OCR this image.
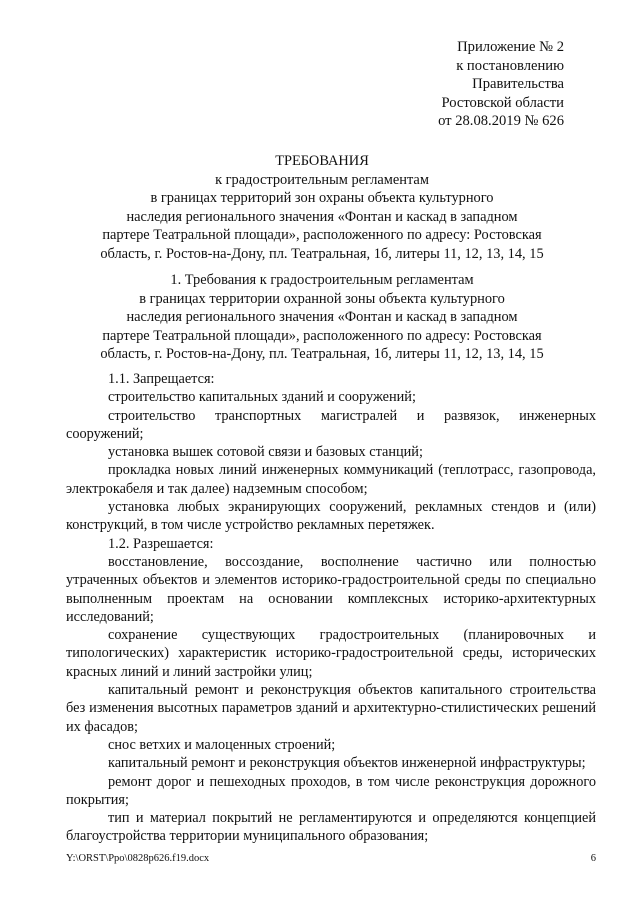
Приложение № 2
к постановлению
Правительства
Ростовской области
от 28.08.2019 № 626
ТРЕБОВАНИЯ
к градостроительным регламентам
в границах территорий зон охраны объекта культурного
наследия регионального значения «Фонтан и каскад в западном
партере Театральной площади», расположенного по адресу: Ростовская
область, г. Ростов-на-Дону, пл. Театральная, 1б, литеры 11, 12, 13, 14, 15
1. Требования к градостроительным регламентам
в границах территории охранной зоны объекта культурного
наследия регионального значения «Фонтан и каскад в западном
партере Театральной площади», расположенного по адресу: Ростовская
область, г. Ростов-на-Дону, пл. Театральная, 1б, литеры 11, 12, 13, 14, 15

1.1. Запрещается:

строительство капитальных зданий и сооружений;

строительство транспортных магистралей и развязок, инженерных сооружений;

установка вышек сотовой связи и базовых станций;

прокладка новых линий инженерных коммуникаций (теплотрасс, газопровода, электрокабеля и так далее) надземным способом;

установка любых экранирующих сооружений, рекламных стендов и (или) конструкций, в том числе устройство рекламных перетяжек.

1.2. Разрешается:

восстановление, воссоздание, восполнение частично или полностью утраченных объектов и элементов историко-градостроительной среды по специально выполненным проектам на основании комплексных историко-архитектурных исследований;

сохранение существующих градостроительных (планировочных и типологических) характеристик историко-градостроительной среды, исторических красных линий и линий застройки улиц;

капитальный ремонт и реконструкция объектов капитального строительства без изменения высотных параметров зданий и архитектурно-стилистических решений их фасадов;

снос ветхих и малоценных строений;

капитальный ремонт и реконструкция объектов инженерной инфраструктуры;

ремонт дорог и пешеходных проходов, в том числе реконструкция дорожного покрытия;

тип и материал покрытий не регламентируются и определяются концепцией благоустройства территории муниципального образования;

Y:\ORST\Ppo\0828p626.f19.docx	6
